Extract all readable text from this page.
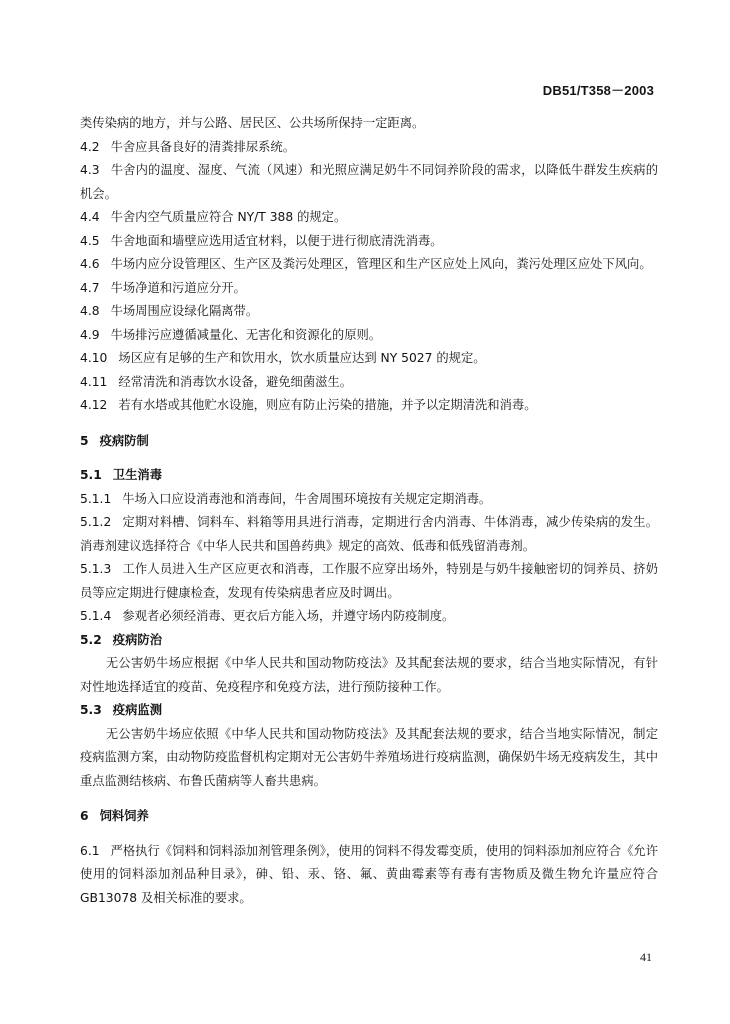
DB51/T358－2003

类传染病的地方，并与公路、居民区、公共场所保持一定距离。

4.2 牛舍应具备良好的清粪排尿系统。

4.3 牛舍内的温度、湿度、气流（风速）和光照应满足奶牛不同饲养阶段的需求，以降低牛群发生疾病的机会。

4.4 牛舍内空气质量应符合 NY/T 388 的规定。

4.5 牛舍地面和墙壁应选用适宜材料，以便于进行彻底清洗消毒。

4.6 牛场内应分设管理区、生产区及粪污处理区，管理区和生产区应处上风向，粪污处理区应处下风向。

4.7 牛场净道和污道应分开。

4.8 牛场周围应设绿化隔离带。

4.9 牛场排污应遵循减量化、无害化和资源化的原则。

4.10 场区应有足够的生产和饮用水，饮水质量应达到 NY 5027 的规定。

4.11 经常清洗和消毒饮水设备，避免细菌滋生。

4.12 若有水塔或其他贮水设施，则应有防止污染的措施，并予以定期清洗和消毒。

5 疫病防制

5.1 卫生消毒

5.1.1 牛场入口应设消毒池和消毒间，牛舍周围环境按有关规定定期消毒。

5.1.2 定期对料槽、饲料车、料箱等用具进行消毒，定期进行舍内消毒、牛体消毒，减少传染病的发生。消毒剂建议选择符合《中华人民共和国兽药典》规定的高效、低毒和低残留消毒剂。

5.1.3 工作人员进入生产区应更衣和消毒，工作服不应穿出场外，特别是与奶牛接触密切的饲养员、挤奶员等应定期进行健康检查，发现有传染病患者应及时调出。

5.1.4 参观者必须经消毒、更衣后方能入场，并遵守场内防疫制度。

5.2 疫病防治

无公害奶牛场应根据《中华人民共和国动物防疫法》及其配套法规的要求，结合当地实际情况，有针对性地选择适宜的疫苗、免疫程序和免疫方法，进行预防接种工作。

5.3 疫病监测

无公害奶牛场应依照《中华人民共和国动物防疫法》及其配套法规的要求，结合当地实际情况，制定疫病监测方案，由动物防疫监督机构定期对无公害奶牛养殖场进行疫病监测，确保奶牛场无疫病发生，其中重点监测结核病、布鲁氏菌病等人畜共患病。

6 饲料饲养

6.1 严格执行《饲料和饲料添加剂管理条例》，使用的饲料不得发霉变质，使用的饲料添加剂应符合《允许使用的饲料添加剂品种目录》，砷、铅、汞、铬、氟、黄曲霉素等有毒有害物质及微生物允许量应符合 GB13078 及相关标准的要求。

41
